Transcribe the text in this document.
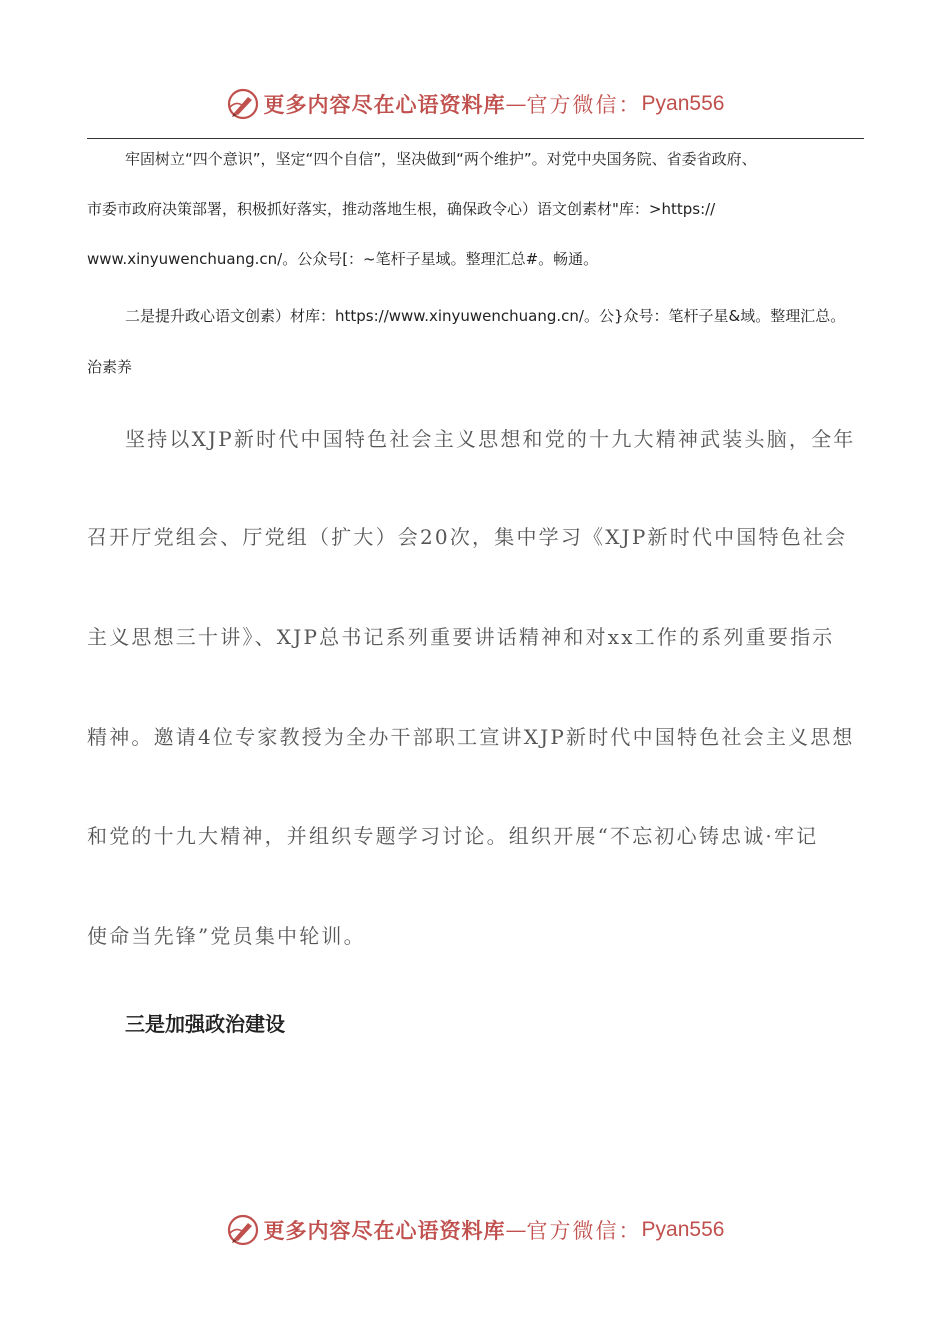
更多内容尽在心语资料库 — 官方微信： Pyan556
牢固树立“四个意识”，坚定“四个自信”，坚决做到“两个维护”。对党中央国务院、省委省政府、
市委市政府决策部署，积极抓好落实，推动落地生根，确保政令心）语文创素材"库：>https://
www.xinyuwenchuang.cn/。公众号[：~笔杆子星域。整理汇总#。畅通。
二是提升政心语文创素）材库：https://www.xinyuwenchuang.cn/。公}众号：笔杆子星&域。整理汇总。
治素养
坚持以XJP新时代中国特色社会主义思想和党的十九大精神武装头脑，全年
召开厅党组会、厅党组（扩大）会20次，集中学习《XJP新时代中国特色社会
主义思想三十讲》、XJP总书记系列重要讲话精神和对xx工作的系列重要指示
精神。邀请4位专家教授为全办干部职工宣讲XJP新时代中国特色社会主义思想
和党的十九大精神，并组织专题学习讨论。组织开展“不忘初心铸忠诚·牢记
使命当先锋”党员集中轮训。
三是加强政治建设
更多内容尽在心语资料库 — 官方微信： Pyan556
